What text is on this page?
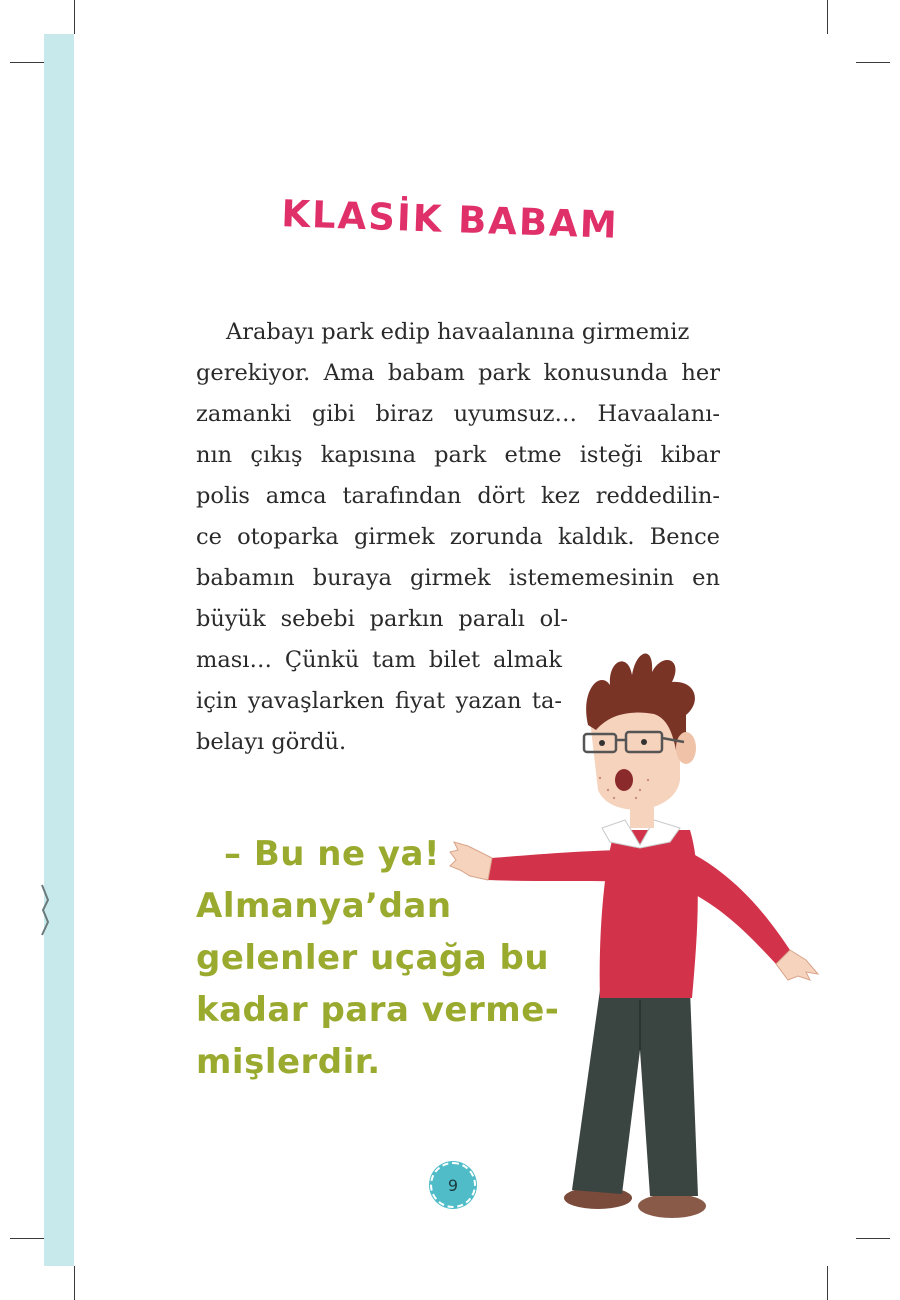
KLASİK BABAM
Arabayı park edip havaalanına girmemiz
gerekiyor. Ama babam park konusunda her
zamanki gibi biraz uyumsuz… Havaalanı-
nın çıkış kapısına park etme isteği kibar
polis amca tarafından dört kez reddedilin-
ce otoparka girmek zorunda kaldık. Bence
babamın buraya girmek istememesinin en
büyük sebebi parkın paralı ol-
ması… Çünkü tam bilet almak
için yavaşlarken fiyat yazan ta-
belayı gördü.
– Bu ne ya!
Almanya’dan
gelenler uçağa bu
kadar para verme-
mişlerdir.
9
